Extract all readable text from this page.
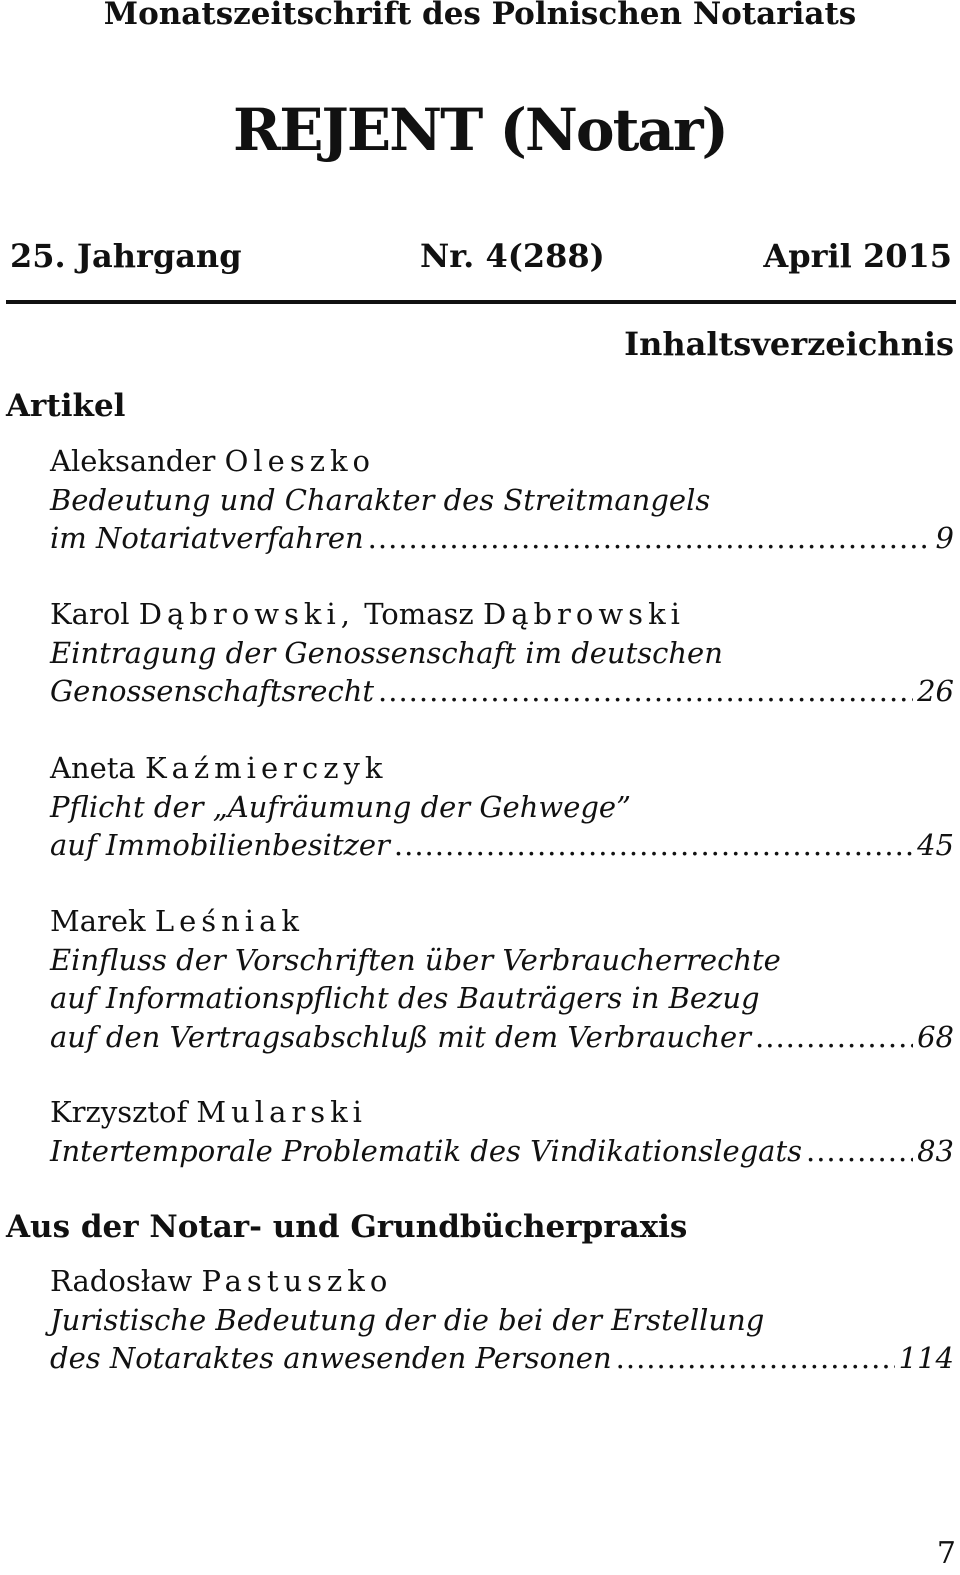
Monatszeitschrift des Polnischen Notariats
REJENT (Notar)
25. Jahrgang	Nr. 4(288)	April 2015
Inhaltsverzeichnis
Artikel
Aleksander Oleszko
Bedeutung und Charakter des Streitmangels
im Notariatverfahren .....	9
Karol Dąbrowski, Tomasz Dąbrowski
Eintragung der Genossenschaft im deutschen
Genossenschaftsrecht .....	26
Aneta Kaźmierczyk
Pflicht der „Aufräumung der Gehwege”
auf Immobilienbesitzer .....	45
Marek Leśniak
Einfluss der Vorschriften über Verbraucherrechte
auf Informationspflicht des Bauträgers in Bezug
auf den Vertragsabschluß mit dem Verbraucher .....	68
Krzysztof Mularski
Intertemporale Problematik des Vindikationslegats .....	83
Aus der Notar- und Grundbücherpraxis
Radosław Pastuszko
Juristische Bedeutung der die bei der Erstellung
des Notaraktes anwesenden Personen .....	114
7
